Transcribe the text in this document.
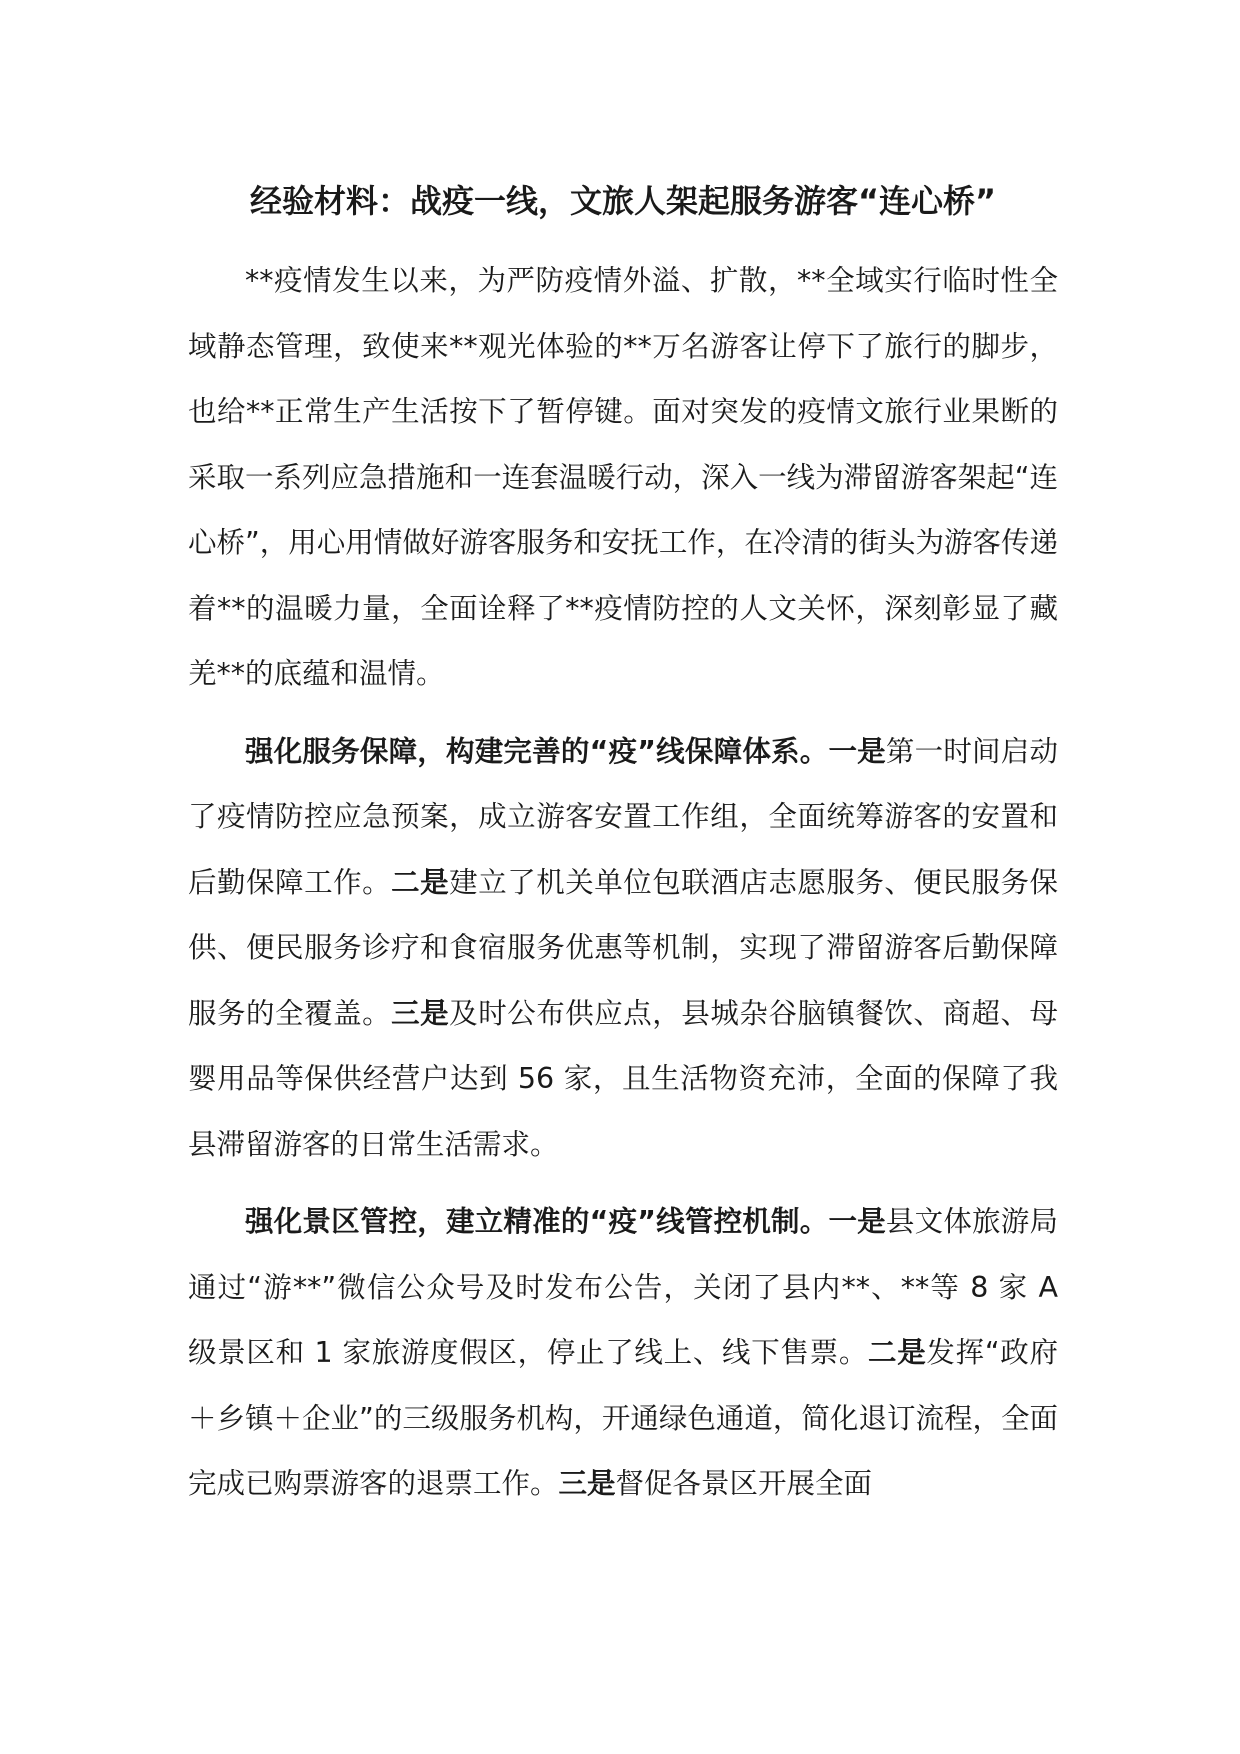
经验材料：战疫一线，文旅人架起服务游客“连心桥”

**疫情发生以来，为严防疫情外溢、扩散，**全域实行临时性全域静态管理，致使来**观光体验的**万名游客让停下了旅行的脚步，也给**正常生产生活按下了暂停键。面对突发的疫情文旅行业果断的采取一系列应急措施和一连套温暖行动，深入一线为滞留游客架起“连心桥”，用心用情做好游客服务和安抚工作，在冷清的街头为游客传递着**的温暖力量，全面诠释了**疫情防控的人文关怀，深刻彰显了藏羌**的底蕴和温情。

强化服务保障，构建完善的“疫”线保障体系。一是第一时间启动了疫情防控应急预案，成立游客安置工作组，全面统筹游客的安置和后勤保障工作。二是建立了机关单位包联酒店志愿服务、便民服务保供、便民服务诊疗和食宿服务优惠等机制，实现了滞留游客后勤保障服务的全覆盖。三是及时公布供应点，县城杂谷脑镇餐饮、商超、母婴用品等保供经营户达到 56 家，且生活物资充沛，全面的保障了我县滞留游客的日常生活需求。

强化景区管控，建立精准的“疫”线管控机制。一是县文体旅游局通过“游**”微信公众号及时发布公告，关闭了县内**、**等 8 家 A 级景区和 1 家旅游度假区，停止了线上、线下售票。二是发挥“政府＋乡镇＋企业”的三级服务机构，开通绿色通道，简化退订流程，全面完成已购票游客的退票工作。三是督促各景区开展全面
